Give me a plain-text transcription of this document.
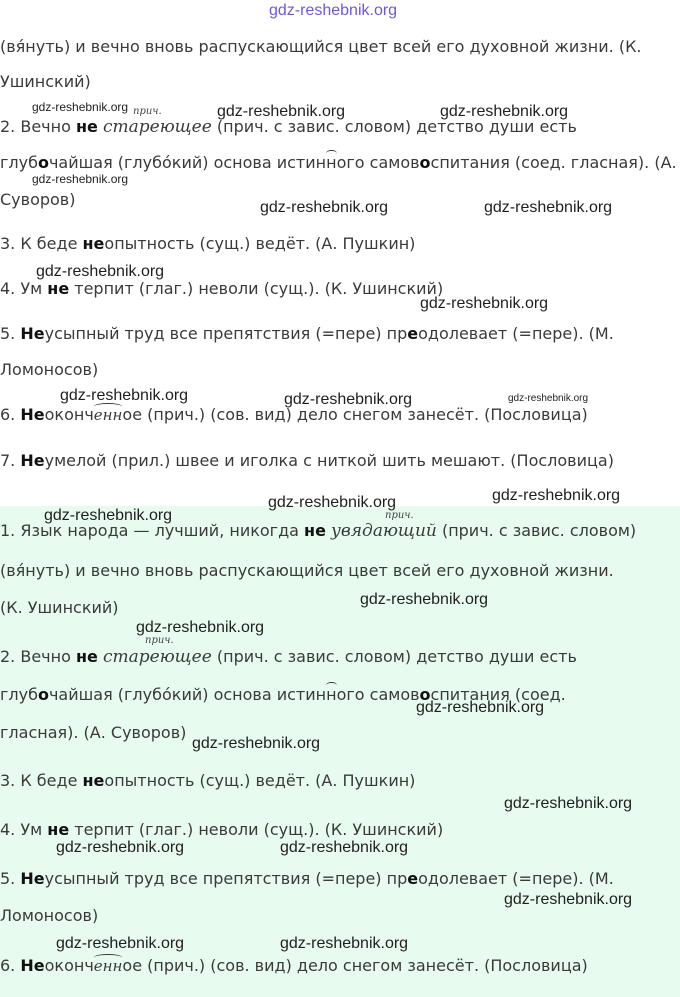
(вя́нуть) и вечно вновь распускающийся цвет всей его духовной жизни. (К.
Ушинский)
прич.
2. Вечно не стареющее (прич. с завис. словом) детство души есть
глубочайшая (глубо́кий) основа истинного самовоспитания (соед. гласная). (А.
Суворов)
3. К беде неопытность (сущ.) ведёт. (А. Пушкин)
4. Ум не терпит (глаг.) неволи (сущ.). (К. Ушинский)
5. Неусыпный труд все препятствия (=пере) преодолевает (=пере). (М.
Ломоносов)
6. Неоконченное (прич.) (сов. вид) дело снегом занесёт. (Пословица)
7. Неумелой (прил.) швее и иголка с ниткой шить мешают. (Пословица)
прич.
1. Язык народа — лучший, никогда не увядающий (прич. с завис. словом)
(вя́нуть) и вечно вновь распускающийся цвет всей его духовной жизни.
(К. Ушинский)
прич.
2. Вечно не стареющее (прич. с завис. словом) детство души есть
глубочайшая (глубо́кий) основа истинного самовоспитания (соед.
гласная). (А. Суворов)
3. К беде неопытность (сущ.) ведёт. (А. Пушкин)
4. Ум не терпит (глаг.) неволи (сущ.). (К. Ушинский)
5. Неусыпный труд все препятствия (=пере) преодолевает (=пере). (М.
Ломоносов)
6. Неоконченное (прич.) (сов. вид) дело снегом занесёт. (Пословица)
gdz-reshebnik.org
gdz-reshebnik.org	gdz-reshebnik.org	gdz-reshebnik.org
gdz-reshebnik.org
gdz-reshebnik.org	gdz-reshebnik.org
gdz-reshebnik.org
gdz-reshebnik.org
gdz-reshebnik.org	gdz-reshebnik.org	gdz-reshebnik.org
gdz-reshebnik.org
gdz-reshebnik.org
gdz-reshebnik.org
gdz-reshebnik.org
gdz-reshebnik.org
gdz-reshebnik.org
gdz-reshebnik.org
gdz-reshebnik.org
gdz-reshebnik.org	gdz-reshebnik.org
gdz-reshebnik.org
gdz-reshebnik.org	gdz-reshebnik.org
